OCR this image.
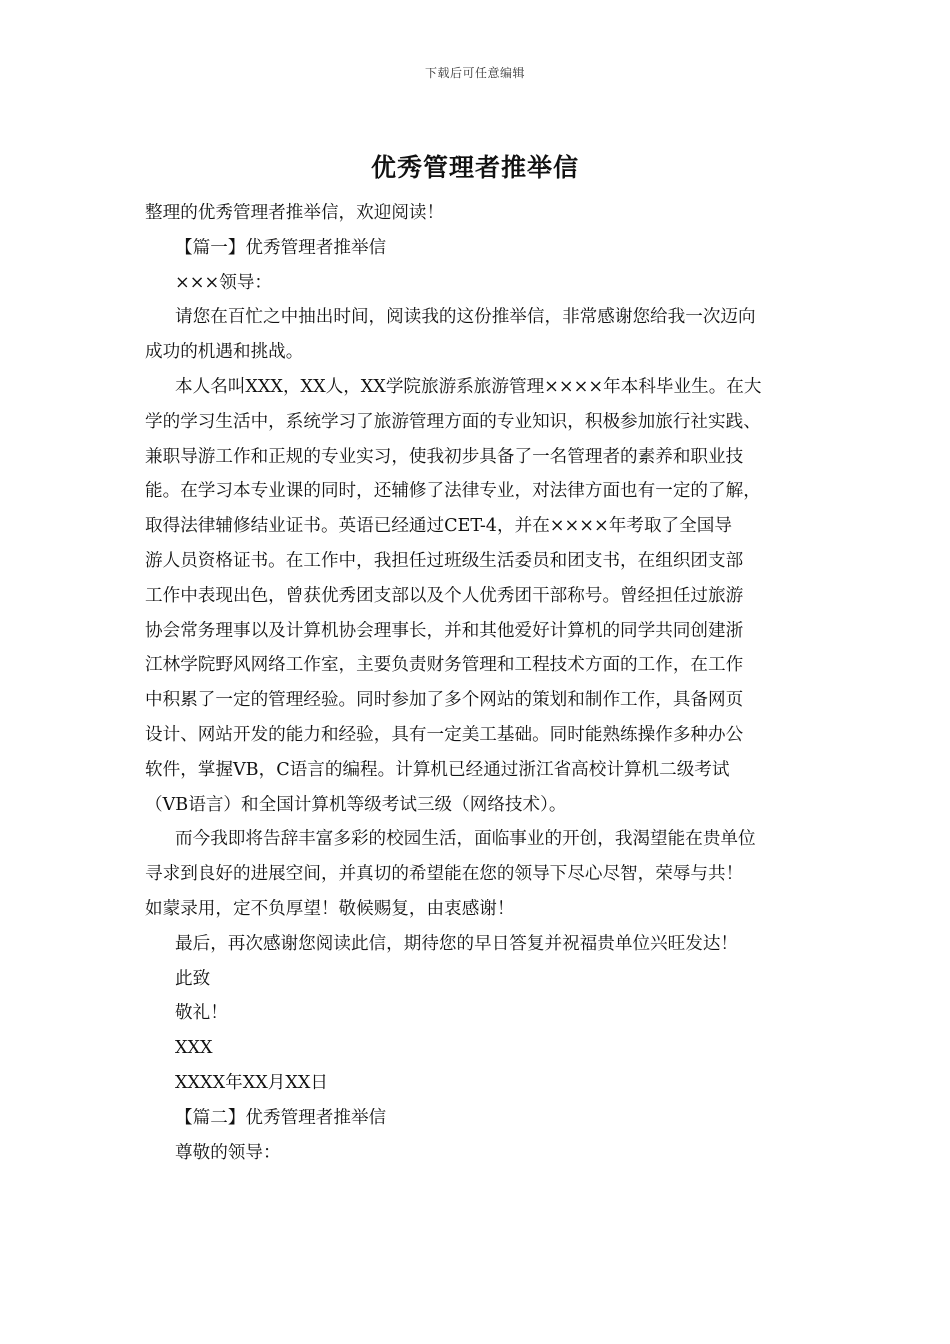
下载后可任意编辑
优秀管理者推举信

整理的优秀管理者推举信，欢迎阅读！

【篇一】优秀管理者推举信

×××领导：

请您在百忙之中抽出时间，阅读我的这份推举信，非常感谢您给我一次迈向
成功的机遇和挑战。
本人名叫XXX，XX人，XX学院旅游系旅游管理××××年本科毕业生。在大
学的学习生活中，系统学习了旅游管理方面的专业知识，积极参加旅行社实践、
兼职导游工作和正规的专业实习，使我初步具备了一名管理者的素养和职业技
能。在学习本专业课的同时，还辅修了法律专业，对法律方面也有一定的了解，
取得法律辅修结业证书。英语已经通过CET-4，并在××××年考取了全国导
游人员资格证书。在工作中，我担任过班级生活委员和团支书，在组织团支部
工作中表现出色，曾获优秀团支部以及个人优秀团干部称号。曾经担任过旅游
协会常务理事以及计算机协会理事长，并和其他爱好计算机的同学共同创建浙
江林学院野风网络工作室，主要负责财务管理和工程技术方面的工作，在工作
中积累了一定的管理经验。同时参加了多个网站的策划和制作工作，具备网页
设计、网站开发的能力和经验，具有一定美工基础。同时能熟练操作多种办公
软件，掌握VB，C语言的编程。计算机已经通过浙江省高校计算机二级考试
（VB语言）和全国计算机等级考试三级（网络技术）。
而今我即将告辞丰富多彩的校园生活，面临事业的开创，我渴望能在贵单位
寻求到良好的进展空间，并真切的希望能在您的领导下尽心尽智，荣辱与共！
如蒙录用，定不负厚望！敬候赐复，由衷感谢！

最后，再次感谢您阅读此信，期待您的早日答复并祝福贵单位兴旺发达！

此致

敬礼！

XXX

XXXX年XX月XX日

【篇二】优秀管理者推举信

尊敬的领导：
